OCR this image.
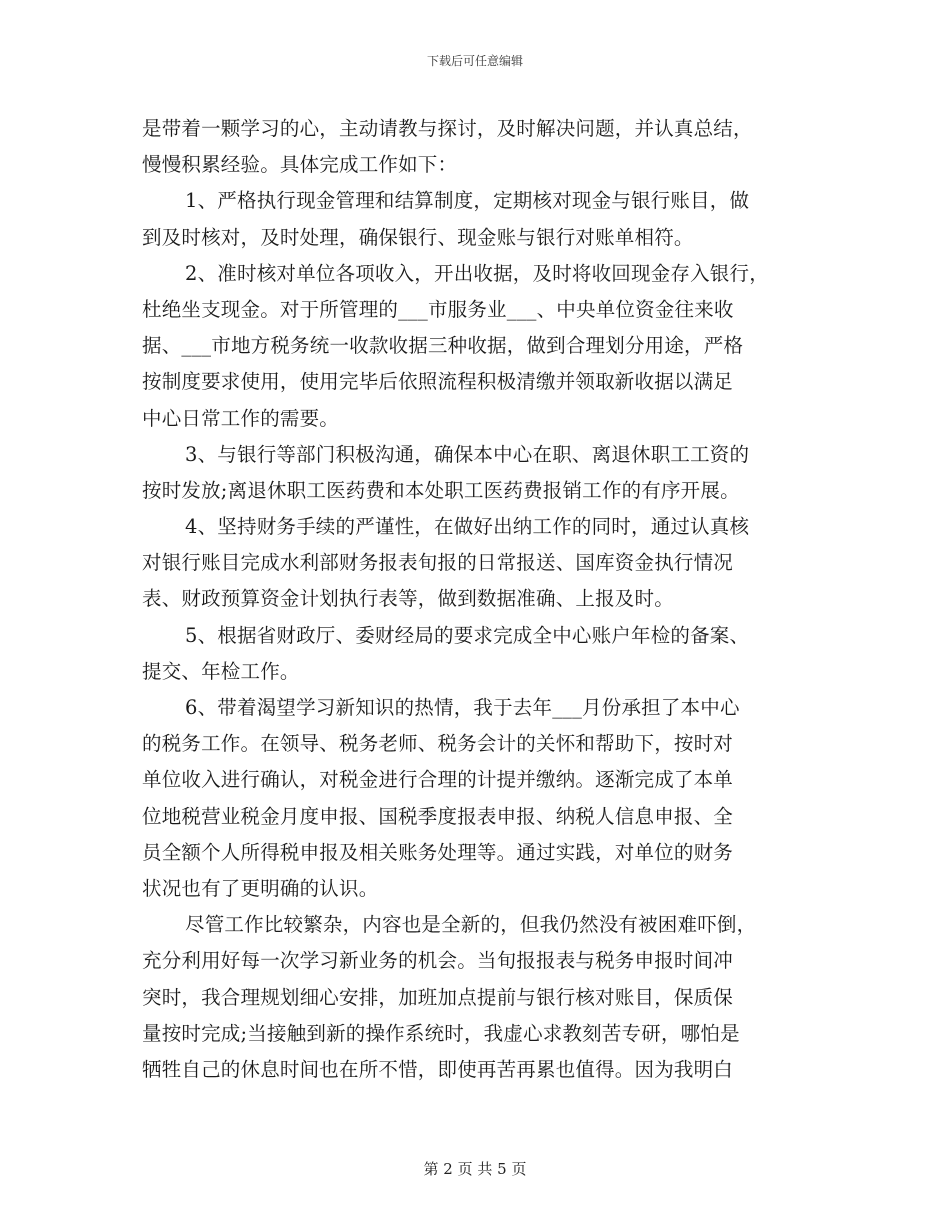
下载后可任意编辑
是带着一颗学习的心，主动请教与探讨，及时解决问题，并认真总结，
慢慢积累经验。具体完成工作如下：
1、严格执行现金管理和结算制度，定期核对现金与银行账目，做
到及时核对，及时处理，确保银行、现金账与银行对账单相符。
2、准时核对单位各项收入，开出收据，及时将收回现金存入银行，
杜绝坐支现金。对于所管理的___市服务业___、中央单位资金往来收
据、___市地方税务统一收款收据三种收据，做到合理划分用途，严格
按制度要求使用，使用完毕后依照流程积极清缴并领取新收据以满足
中心日常工作的需要。
3、与银行等部门积极沟通，确保本中心在职、离退休职工工资的
按时发放;离退休职工医药费和本处职工医药费报销工作的有序开展。
4、坚持财务手续的严谨性，在做好出纳工作的同时，通过认真核
对银行账目完成水利部财务报表旬报的日常报送、国库资金执行情况
表、财政预算资金计划执行表等，做到数据准确、上报及时。
5、根据省财政厅、委财经局的要求完成全中心账户年检的备案、
提交、年检工作。
6、带着渴望学习新知识的热情，我于去年___月份承担了本中心
的税务工作。在领导、税务老师、税务会计的关怀和帮助下，按时对
单位收入进行确认，对税金进行合理的计提并缴纳。逐渐完成了本单
位地税营业税金月度申报、国税季度报表申报、纳税人信息申报、全
员全额个人所得税申报及相关账务处理等。通过实践，对单位的财务
状况也有了更明确的认识。
尽管工作比较繁杂，内容也是全新的，但我仍然没有被困难吓倒，
充分利用好每一次学习新业务的机会。当旬报报表与税务申报时间冲
突时，我合理规划细心安排，加班加点提前与银行核对账目，保质保
量按时完成;当接触到新的操作系统时，我虚心求教刻苦专研，哪怕是
牺牲自己的休息时间也在所不惜，即使再苦再累也值得。因为我明白
第 2 页 共 5 页
